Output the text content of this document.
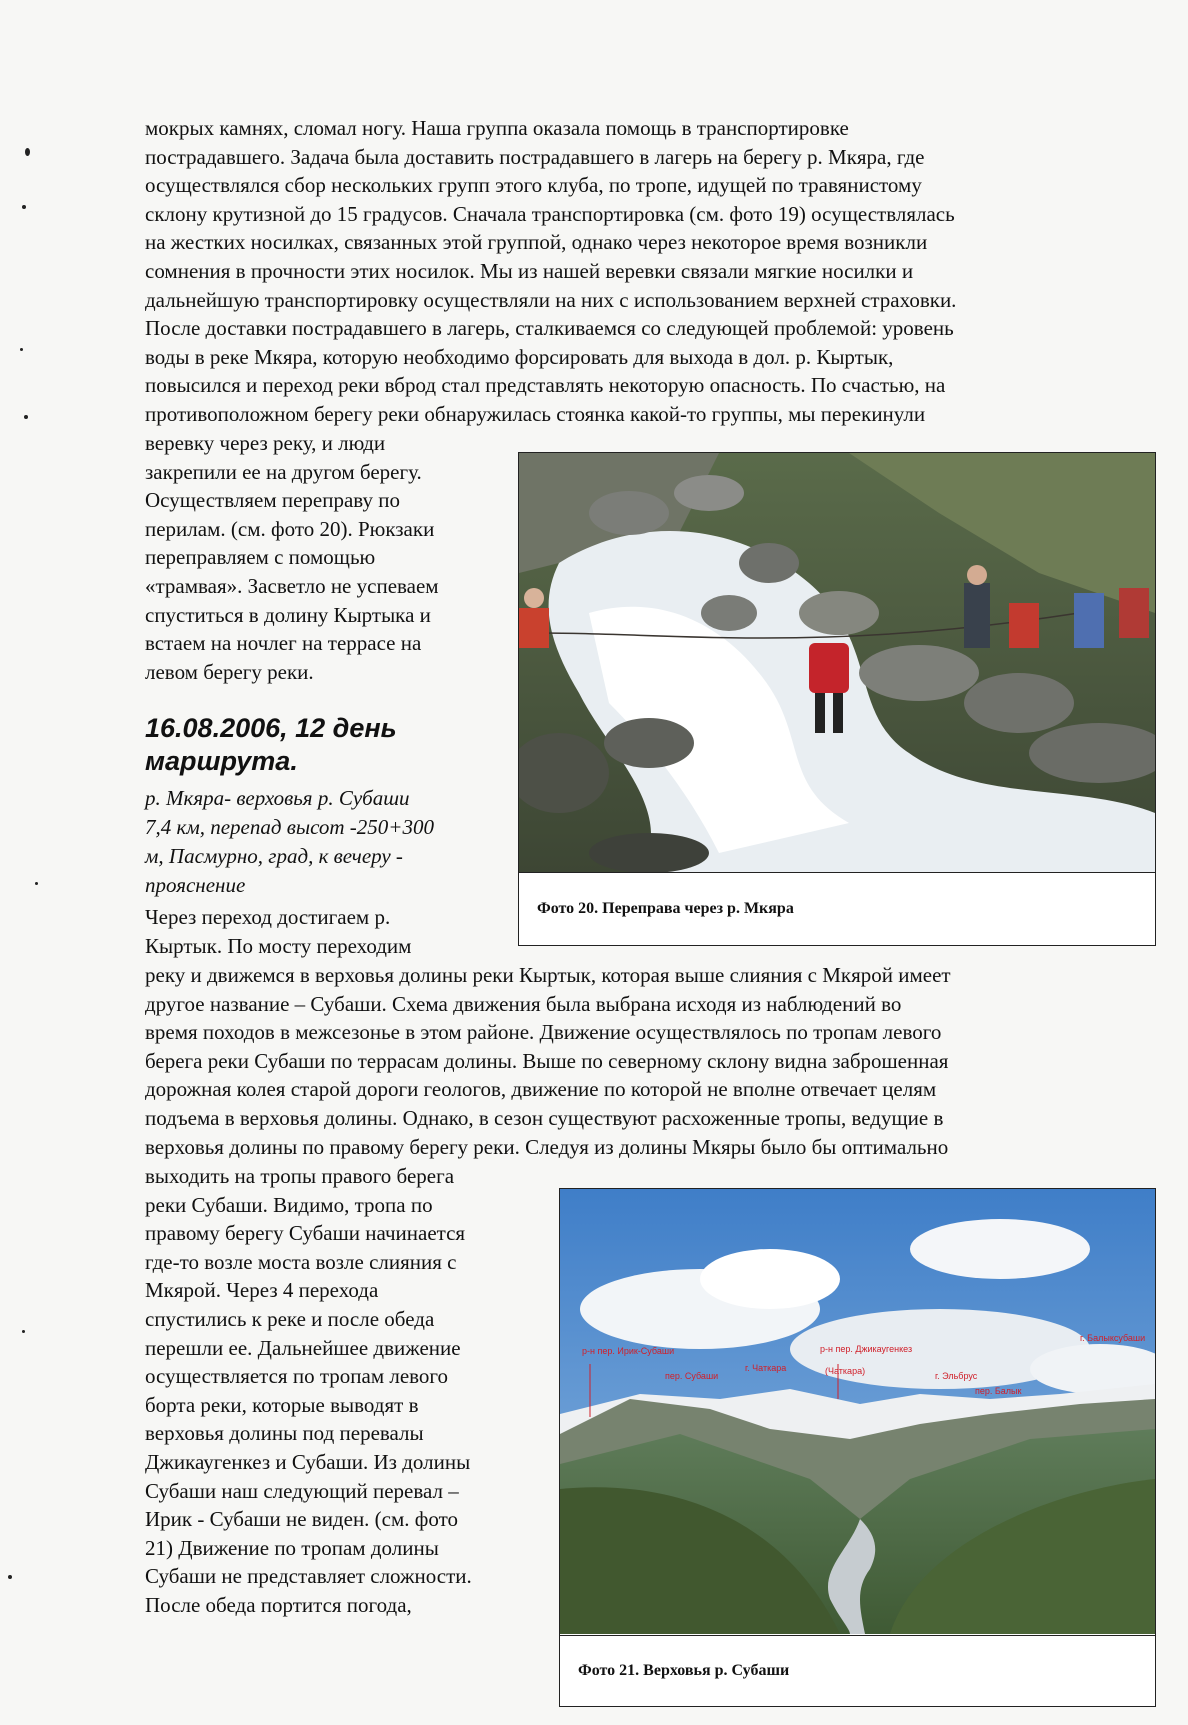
мокрых камнях, сломал ногу. Наша группа оказала помощь в транспортировке
пострадавшего. Задача была доставить пострадавшего в лагерь на берегу р. Мкяра, где
осуществлялся сбор нескольких групп этого клуба, по тропе, идущей по травянистому
склону крутизной до 15 градусов. Сначала транспортировка (см. фото 19) осуществлялась
на жестких носилках, связанных этой группой, однако через некоторое время возникли
сомнения в прочности этих носилок. Мы из нашей веревки связали мягкие носилки и
дальнейшую транспортировку осуществляли на них с использованием верхней страховки.
После доставки пострадавшего в лагерь, сталкиваемся со следующей проблемой: уровень
воды в реке Мкяра, которую необходимо форсировать для выхода в дол. р. Кыртык,
повысился и переход реки вброд стал представлять некоторую опасность. По счастью, на
противоположном берегу реки обнаружилась стоянка какой-то группы, мы перекинули
веревку через реку, и люди
закрепили ее на другом берегу.
Осуществляем переправу по
перилам. (см. фото 20). Рюкзаки
переправляем с помощью
«трамвая». Засветло не успеваем
спуститься в долину Кыртыка и
встаем на ночлег на террасе на
левом берегу реки.
16.08.2006, 12 день
маршрута.
р. Мкяра- верховья р. Субаши
7,4 км, перепад высот -250+300
м, Пасмурно, град, к вечеру -
прояснение
Через переход достигаем р.
Кыртык. По мосту переходим
реку и движемся в верховья долины реки Кыртык, которая выше слияния с Мкярой имеет
другое название – Субаши. Схема движения была выбрана исходя из наблюдений во
время походов в межсезонье в этом районе. Движение осуществлялось по тропам левого
берега реки Субаши по террасам долины. Выше по северному склону видна заброшенная
дорожная колея старой дороги геологов, движение по которой не вполне отвечает целям
подъема в верховья долины. Однако, в сезон существуют расхоженные тропы, ведущие в
верховья долины по правому берегу реки. Следуя из долины Мкяры было бы оптимально
выходить на тропы правого берега
реки Субаши. Видимо, тропа по
правому берегу Субаши начинается
где-то возле моста возле слияния с
Мкярой. Через 4 перехода
спустились к реке и после обеда
перешли ее. Дальнейшее движение
осуществляется по тропам левого
борта реки, которые выводят в
верховья долины под перевалы
Джикаугенкез и Субаши. Из долины
Субаши наш следующий перевал –
Ирик - Субаши не виден. (см. фото
21) Движение по тропам долины
Субаши не представляет сложности.
После обеда портится погода,
Фото 20. Переправа через р. Мкяра
р-н пер. Ирик-Субаши
пер. Субаши
г. Чаткара
р-н пер. Джикаугенкез
(Чаткара)	г. Эльбрус
пер. Балык
г. Балыксубаши
Фото 21. Верховья р. Субаши
